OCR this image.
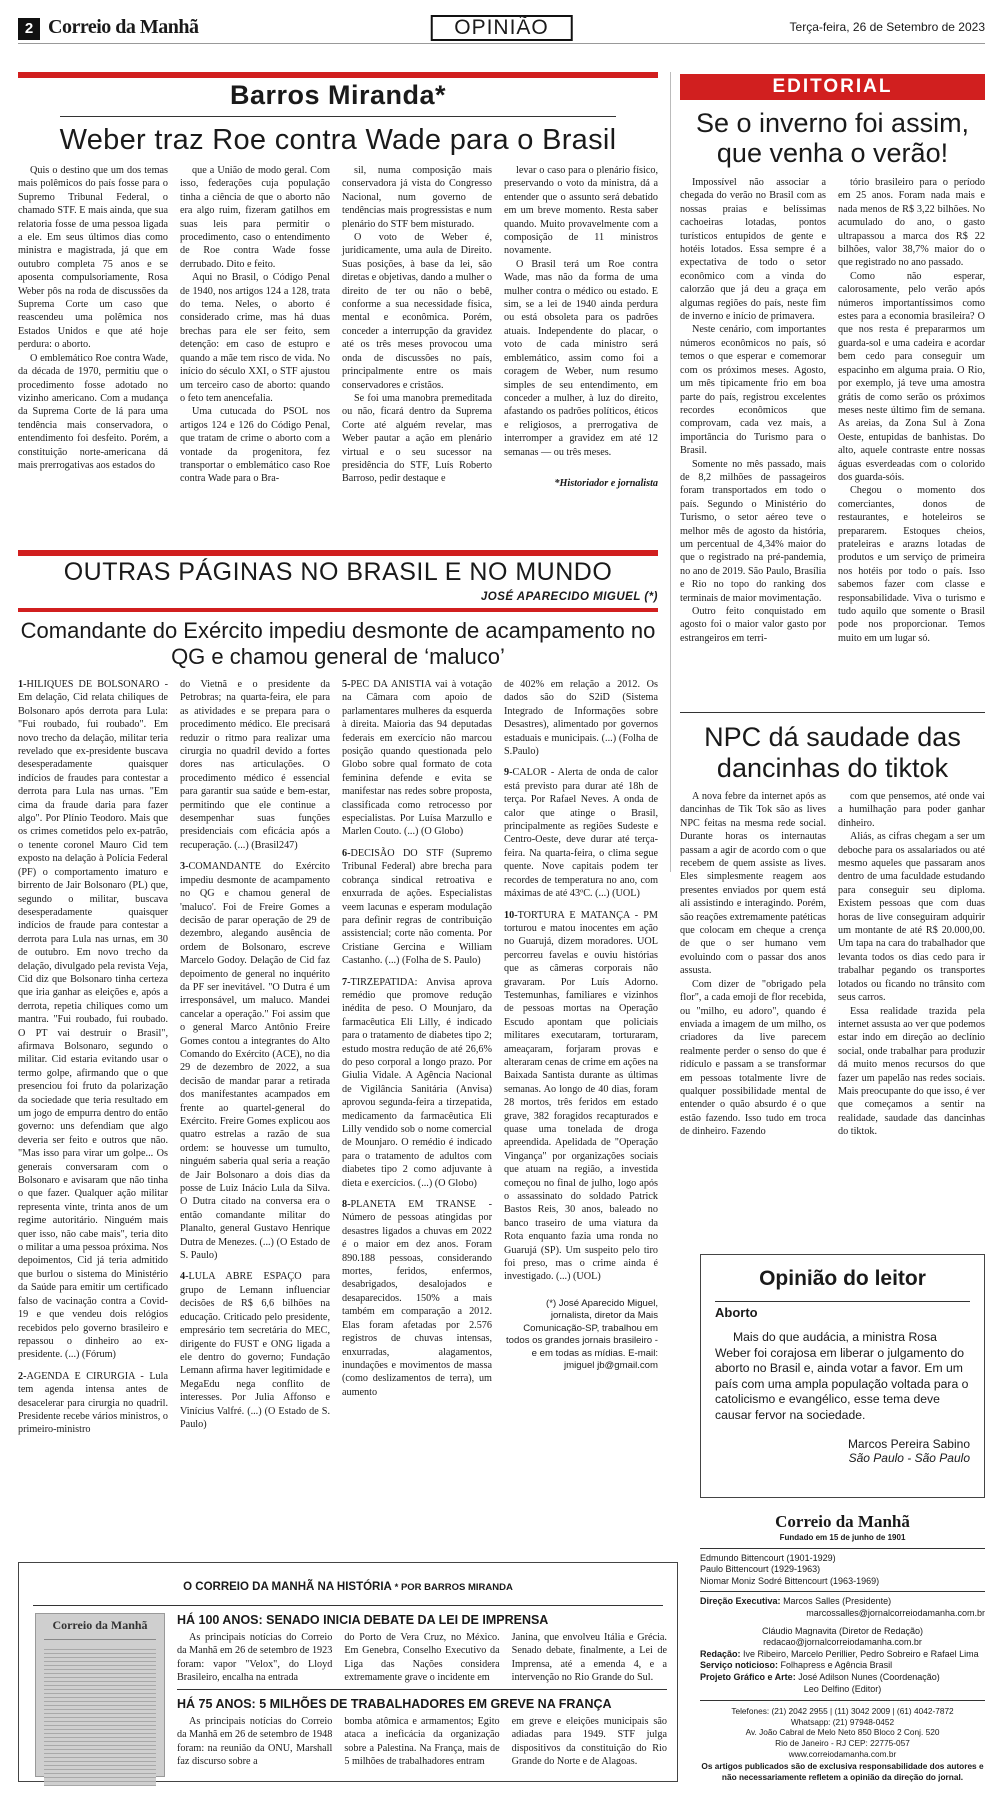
2 Correio da Manhã	OPINIÃO	Terça-feira, 26 de Setembro de 2023
Barros Miranda*
Weber traz Roe contra Wade para o Brasil

Quis o destino que um dos temas mais polêmicos do país fosse para o Supremo Tribunal Federal, o chamado STF. E mais ainda, que sua relatoria fosse de uma pessoa ligada a ele. Em seus últimos dias como ministra e magistrada, já que em outubro completa 75 anos e se aposenta compulsoriamente, Rosa Weber pôs na roda de discussões da Suprema Corte um caso que reascendeu uma polêmica nos Estados Unidos e que até hoje perdura: o aborto.

O emblemático Roe contra Wade, da década de 1970, permitiu que o procedimento fosse adotado no vizinho americano. Com a mudança da Suprema Corte de lá para uma tendência mais conservadora, o entendimento foi desfeito. Porém, a constituição norte-americana dá mais prerrogativas aos estados do

que a União de modo geral. Com isso, federações cuja população tinha a ciência de que o aborto não era algo ruim, fizeram gatilhos em suas leis para permitir o procedimento, caso o entendimento de Roe contra Wade fosse derrubado. Dito e feito.

Aqui no Brasil, o Código Penal de 1940, nos artigos 124 a 128, trata do tema. Neles, o aborto é considerado crime, mas há duas brechas para ele ser feito, sem detenção: em caso de estupro e quando a mãe tem risco de vida. No início do século XXI, o STF ajustou um terceiro caso de aborto: quando o feto tem anencefalia.

Uma cutucada do PSOL nos artigos 124 e 126 do Código Penal, que tratam de crime o aborto com a vontade da progenitora, fez transportar o emblemático caso Roe contra Wade para o Bra-

sil, numa composição mais conservadora já vista do Congresso Nacional, num governo de tendências mais progressistas e num plenário do STF bem misturado.

O voto de Weber é, juridicamente, uma aula de Direito. Suas posições, à base da lei, são diretas e objetivas, dando a mulher o direito de ter ou não o bebê, conforme a sua necessidade física, mental e econômica. Porém, conceder a interrupção da gravidez até os três meses provocou uma onda de discussões no país, principalmente entre os mais conservadores e cristãos.

Se foi uma manobra premeditada ou não, ficará dentro da Suprema Corte até alguém revelar, mas Weber pautar a ação em plenário virtual e o seu sucessor na presidência do STF, Luís Roberto Barroso, pedir destaque e

levar o caso para o plenário físico, preservando o voto da ministra, dá a entender que o assunto será debatido em um breve momento. Resta saber quando. Muito provavelmente com a composição de 11 ministros novamente.

O Brasil terá um Roe contra Wade, mas não da forma de uma mulher contra o médico ou estado. E sim, se a lei de 1940 ainda perdura ou está obsoleta para os padrões atuais. Independente do placar, o voto de cada ministro será emblemático, assim como foi a coragem de Weber, num resumo simples de seu entendimento, em conceder a mulher, à luz do direito, afastando os padrões políticos, éticos e religiosos, a prerrogativa de interromper a gravidez em até 12 semanas — ou três meses.

*Historiador e jornalista
EDITORIAL
Se o inverno foi assim, que venha o verão!

Impossível não associar a chegada do verão no Brasil com as nossas praias e belíssimas cachoeiras lotadas, pontos turísticos entupidos de gente e hotéis lotados. Essa sempre é a expectativa de todo o setor econômico com a vinda do calorzão que já deu a graça em algumas regiões do país, neste fim de inverno e início de primavera.

Neste cenário, com importantes números econômicos no país, só temos o que esperar e comemorar com os próximos meses. Agosto, um mês tipicamente frio em boa parte do país, registrou excelentes recordes econômicos que comprovam, cada vez mais, a importância do Turismo para o Brasil.

Somente no mês passado, mais de 8,2 milhões de passageiros foram transportados em todo o país. Segundo o Ministério do Turismo, o setor aéreo teve o melhor mês de agosto da história, um percentual de 4,34% maior do que o registrado na pré-pandemia, no ano de 2019. São Paulo, Brasília e Rio no topo do ranking dos terminais de maior movimentação.

Outro feito conquistado em agosto foi o maior valor gasto por estrangeiros em terri-

tório brasileiro para o período em 25 anos. Foram nada mais e nada menos de R$ 3,22 bilhões. No acumulado do ano, o gasto ultrapassou a marca dos R$ 22 bilhões, valor 38,7% maior do o que registrado no ano passado.

Como não esperar, calorosamente, pelo verão após números importantíssimos como estes para a economia brasileira? O que nos resta é prepararmos um guarda-sol e uma cadeira e acordar bem cedo para conseguir um espacinho em alguma praia. O Rio, por exemplo, já teve uma amostra grátis de como serão os próximos meses neste último fim de semana. As areias, da Zona Sul à Zona Oeste, entupidas de banhistas. Do alto, aquele contraste entre nossas águas esverdeadas com o colorido dos guarda-sóis.

Chegou o momento dos comerciantes, donos de restaurantes, e hoteleiros se prepararem. Estoques cheios, prateleiras e arazns lotadas de produtos e um serviço de primeira nos hotéis por todo o país. Isso sabemos fazer com classe e responsabilidade. Viva o turismo e tudo aquilo que somente o Brasil pode nos proporcionar. Temos muito em um lugar só.

NPC dá saudade das dancinhas do tiktok

A nova febre da internet após as dancinhas de Tik Tok são as lives NPC feitas na mesma rede social. Durante horas os internautas passam a agir de acordo com o que recebem de quem assiste as lives. Eles simplesmente reagem aos presentes enviados por quem está ali assistindo e interagindo. Porém, são reações extremamente patéticas que colocam em cheque a crença de que o ser humano vem evoluindo com o passar dos anos assusta.

Com dizer de "obrigado pela flor", a cada emoji de flor recebida, ou "milho, eu adoro", quando é enviada a imagem de um milho, os criadores da live parecem realmente perder o senso do que é ridículo e passam a se transformar em pessoas totalmente livre de qualquer possibilidade mental de entender o quão absurdo é o que estão fazendo. Isso tudo em troca de dinheiro. Fazendo

com que pensemos, até onde vai a humilhação para poder ganhar dinheiro.

Aliás, as cifras chegam a ser um deboche para os assalariados ou até mesmo aqueles que passaram anos dentro de uma faculdade estudando para conseguir seu diploma. Existem pessoas que com duas horas de live conseguiram adquirir um montante de até R$ 20.000,00. Um tapa na cara do trabalhador que levanta todos os dias cedo para ir trabalhar pegando os transportes lotados ou ficando no trânsito com seus carros.

Essa realidade trazida pela internet assusta ao ver que podemos estar indo em direção ao declínio social, onde trabalhar para produzir dá muito menos recursos do que fazer um papelão nas redes sociais. Mais preocupante do que isso, é ver que começamos a sentir na realidade, saudade das dancinhas do tiktok.

OUTRAS PÁGINAS NO BRASIL E NO MUNDO
JOSÉ APARECIDO MIGUEL (*)
Comandante do Exército impediu desmonte de acampamento no QG e chamou general de ‘maluco’

1-HILIQUES DE BOLSONARO - Em delação, Cid relata chiliques de Bolsonaro após derrota para Lula: "Fui roubado, fui roubado". Em novo trecho da delação, militar teria revelado que ex-presidente buscava desesperadamente quaisquer indícios de fraudes para contestar a derrota para Lula nas urnas. "Em cima da fraude daria para fazer algo". Por Plínio Teodoro. Mais que os crimes cometidos pelo ex-patrão, o tenente coronel Mauro Cid tem exposto na delação à Polícia Federal (PF) o comportamento imaturo e birrento de Jair Bolsonaro (PL) que, segundo o militar, buscava desesperadamente quaisquer indícios de fraude para contestar a derrota para Lula nas urnas, em 30 de outubro. Em novo trecho da delação, divulgado pela revista Veja, Cid diz que Bolsonaro tinha certeza que iria ganhar as eleições e, após a derrota, repetia chiliques como um mantra. "Fui roubado, fui roubado. O PT vai destruir o Brasil", afirmava Bolsonaro, segundo o militar. Cid estaria evitando usar o termo golpe, afirmando que o que presenciou foi fruto da polarização da sociedade que teria resultado em um jogo de empurra dentro do então governo: uns defendiam que algo deveria ser feito e outros que não. "Mas isso para virar um golpe... Os generais conversaram com o Bolsonaro e avisaram que não tinha o que fazer. Qualquer ação militar representa vinte, trinta anos de um regime autoritário. Ninguém mais quer isso, não cabe mais", teria dito o militar a uma pessoa próxima. Nos depoimentos, Cid já teria admitido que burlou o sistema do Ministério da Saúde para emitir um certificado falso de vacinação contra a Covid-19 e que vendeu dois relógios recebidos pelo governo brasileiro e repassou o dinheiro ao ex-presidente. (...) (Fórum)

2-AGENDA E CIRURGIA - Lula tem agenda intensa antes de desacelerar para cirurgia no quadril. Presidente recebe vários ministros, o primeiro-ministro

do Vietnã e o presidente da Petrobras; na quarta-feira, ele para as atividades e se prepara para o procedimento médico. Ele precisará reduzir o ritmo para realizar uma cirurgia no quadril devido a fortes dores nas articulações. O procedimento médico é essencial para garantir sua saúde e bem-estar, permitindo que ele continue a desempenhar suas funções presidenciais com eficácia após a recuperação. (...) (Brasil247)

3-COMANDANTE do Exército impediu desmonte de acampamento no QG e chamou general de 'maluco'. Foi de Freire Gomes a decisão de parar operação de 29 de dezembro, alegando ausência de ordem de Bolsonaro, escreve Marcelo Godoy. Delação de Cid faz depoimento de general no inquérito da PF ser inevitável. "O Dutra é um irresponsável, um maluco. Mandei cancelar a operação." Foi assim que o general Marco Antônio Freire Gomes contou a integrantes do Alto Comando do Exército (ACE), no dia 29 de dezembro de 2022, a sua decisão de mandar parar a retirada dos manifestantes acampados em frente ao quartel-general do Exército. Freire Gomes explicou aos quatro estrelas a razão de sua ordem: se houvesse um tumulto, ninguém saberia qual seria a reação de Jair Bolsonaro a dois dias da posse de Luiz Inácio Lula da Silva. O Dutra citado na conversa era o então comandante militar do Planalto, general Gustavo Henrique Dutra de Menezes. (...) (O Estado de S. Paulo)

4-LULA ABRE ESPAÇO para grupo de Lemann influenciar decisões de R$ 6,6 bilhões na educação. Criticado pelo presidente, empresário tem secretária do MEC, dirigente do FUST e ONG ligada a ele dentro do governo; Fundação Lemann afirma haver legitimidade e MegaEdu nega conflito de interesses. Por Julia Affonso e Vinícius Valfré. (...) (O Estado de S. Paulo)

5-PEC DA ANISTIA vai à votação na Câmara com apoio de parlamentares mulheres da esquerda à direita. Maioria das 94 deputadas federais em exercício não marcou posição quando questionada pelo Globo sobre qual formato de cota feminina defende e evita se manifestar nas redes sobre proposta, classificada como retrocesso por especialistas. Por Luísa Marzullo e Marlen Couto. (...) (O Globo)

6-DECISÃO DO STF (Supremo Tribunal Federal) abre brecha para cobrança sindical retroativa e enxurrada de ações. Especialistas veem lacunas e esperam modulação para definir regras de contribuição assistencial; corte não comenta. Por Cristiane Gercina e William Castanho. (...) (Folha de S. Paulo)

7-TIRZEPATIDA: Anvisa aprova remédio que promove redução inédita de peso. O Mounjaro, da farmacêutica Eli Lilly, é indicado para o tratamento de diabetes tipo 2; estudo mostra redução de até 26,6% do peso corporal a longo prazo. Por Giulia Vidale. A Agência Nacional de Vigilância Sanitária (Anvisa) aprovou segunda-feira a tirzepatida, medicamento da farmacêutica Eli Lilly vendido sob o nome comercial de Mounjaro. O remédio é indicado para o tratamento de adultos com diabetes tipo 2 como adjuvante à dieta e exercícios. (...) (O Globo)

8-PLANETA EM TRANSE - Número de pessoas atingidas por desastres ligados a chuvas em 2022 é o maior em dez anos. Foram 890.188 pessoas, considerando mortes, feridos, enfermos, desabrigados, desalojados e desaparecidos. 150% a mais também em comparação a 2012. Elas foram afetadas por 2.576 registros de chuvas intensas, enxurradas, alagamentos, inundações e movimentos de massa (como deslizamentos de terra), um aumento

de 402% em relação a 2012. Os dados são do S2iD (Sistema Integrado de Informações sobre Desastres), alimentado por governos estaduais e municipais. (...) (Folha de S.Paulo)

9-CALOR - Alerta de onda de calor está previsto para durar até 18h de terça. Por Rafael Neves. A onda de calor que atinge o Brasil, principalmente as regiões Sudeste e Centro-Oeste, deve durar até terça-feira. Na quarta-feira, o clima segue quente. Nove capitais podem ter recordes de temperatura no ano, com máximas de até 43ºC. (...) (UOL)

10-TORTURA E MATANÇA - PM torturou e matou inocentes em ação no Guarujá, dizem moradores. UOL percorreu favelas e ouviu histórias que as câmeras corporais não gravaram. Por Luís Adorno. Testemunhas, familiares e vizinhos de pessoas mortas na Operação Escudo apontam que policiais militares executaram, torturaram, ameaçaram, forjaram provas e alteraram cenas de crime em ações na Baixada Santista durante as últimas semanas. Ao longo de 40 dias, foram 28 mortos, três feridos em estado grave, 382 foragidos recapturados e quase uma tonelada de droga apreendida. Apelidada de "Operação Vingança" por organizações sociais que atuam na região, a investida começou no final de julho, logo após o assassinato do soldado Patrick Bastos Reis, 30 anos, baleado no banco traseiro de uma viatura da Rota enquanto fazia uma ronda no Guarujá (SP). Um suspeito pelo tiro foi preso, mas o crime ainda é investigado. (...) (UOL)

(*) José Aparecido Miguel, jornalista, diretor da Mais Comunicação-SP, trabalhou em todos os grandes jornais brasileiro - e em todas as mídias. E-mail: jmiguel jb@gmail.com
Opinião do leitor
Aborto
Mais do que audácia, a ministra Rosa Weber foi corajosa em liberar o julgamento do aborto no Brasil e, ainda votar a favor. Em um país com uma ampla população voltada para o catolicismo e evangélico, esse tema deve causar fervor na sociedade.
Marcos Pereira Sabino
São Paulo - São Paulo
O CORREIO DA MANHÃ NA HISTÓRIA * POR BARROS MIRANDA
Correio da Manhã	HÁ 100 ANOS: SENADO INICIA DEBATE DA LEI DE IMPRENSA
As principais notícias do Correio da Manhã em 26 de setembro de 1923 foram: vapor "Velox", do Lloyd Brasileiro, encalha na entrada
do Porto de Vera Cruz, no México. Em Genebra, Conselho Executivo da Liga das Nações considera extremamente grave o incidente em
Janina, que envolveu Itália e Grécia. Senado debate, finalmente, a Lei de Imprensa, até a emenda 4, e a intervenção no Rio Grande do Sul.
HÁ 75 ANOS: 5 MILHÕES DE TRABALHADORES EM GREVE NA FRANÇA
As principais notícias do Correio da Manhã em 26 de setembro de 1948 foram: na reunião da ONU, Marshall faz discurso sobre a
bomba atômica e armamentos; Egito ataca a ineficácia da organização sobre a Palestina. Na França, mais de 5 milhões de trabalhadores entram
em greve e eleições municipais são adiadas para 1949. STF julga dispositivos da constituição do Rio Grande do Norte e de Alagoas.
Correio da Manhã
Fundado em 15 de junho de 1901
Edmundo Bittencourt (1901-1929)
Paulo Bittencourt (1929-1963)
Niomar Moniz Sodré Bittencourt (1963-1969)
Direção Executiva: Marcos Salles (Presidente)
marcossalles@jornalcorreiodamanha.com.br
Cláudio Magnavita (Diretor de Redação)
redacao@jornalcorreiodamanha.com.br
Redação: Ive Ribeiro, Marcelo Perillier, Pedro Sobreiro e Rafael Lima
Serviço noticioso: Folhapress e Agência Brasil
Projeto Gráfico e Arte: José Adilson Nunes (Coordenação)
Leo Delfino (Editor)
Telefones: (21) 2042 2955 | (11) 3042 2009 | (61) 4042-7872
Whatsapp: (21) 97948-0452
Av. João Cabral de Melo Neto 850 Bloco 2 Conj. 520
Rio de Janeiro - RJ CEP: 22775-057
www.correiodamanha.com.br
Os artigos publicados são de exclusiva responsabilidade dos autores e não necessariamente refletem a opinião da direção do jornal.
